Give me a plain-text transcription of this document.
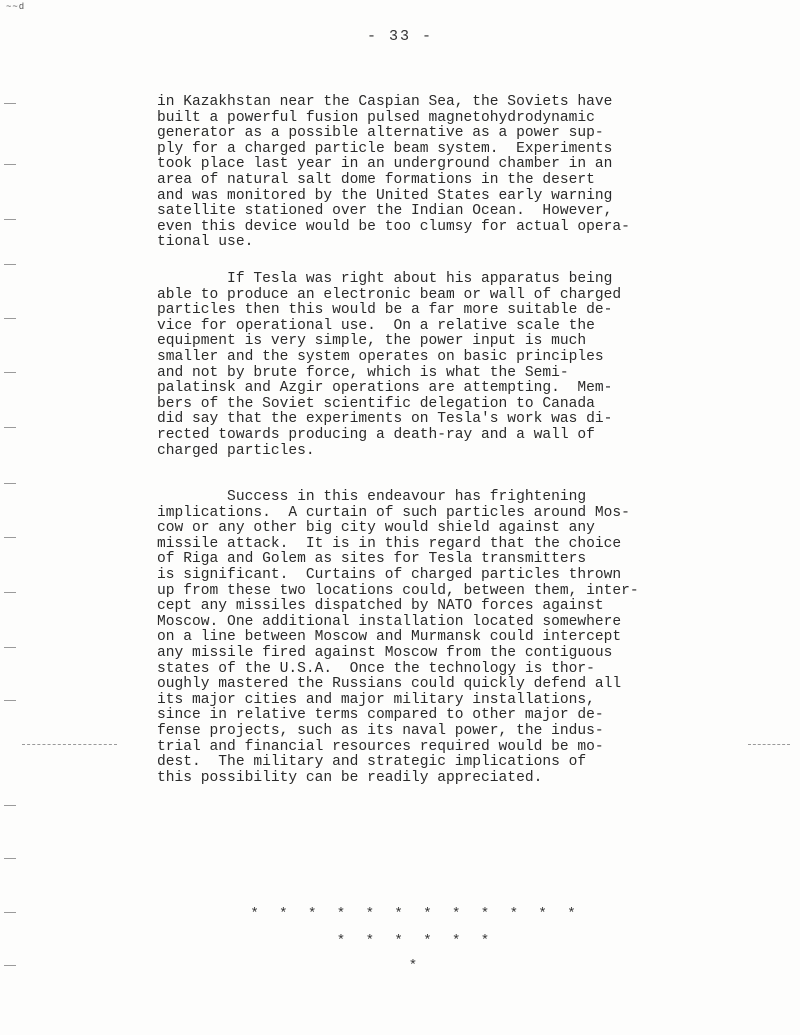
~~d
- 33 -

in Kazakhstan near the Caspian Sea, the Soviets have
built a powerful fusion pulsed magnetohydrodynamic
generator as a possible alternative as a power sup-
ply for a charged particle beam system.  Experiments
took place last year in an underground chamber in an
area of natural salt dome formations in the desert
and was monitored by the United States early warning
satellite stationed over the Indian Ocean.  However,
even this device would be too clumsy for actual opera-
tional use.

If Tesla was right about his apparatus being
able to produce an electronic beam or wall of charged
particles then this would be a far more suitable de-
vice for operational use.  On a relative scale the
equipment is very simple, the power input is much
smaller and the system operates on basic principles
and not by brute force, which is what the Semi-
palatinsk and Azgir operations are attempting.  Mem-
bers of the Soviet scientific delegation to Canada
did say that the experiments on Tesla's work was di-
rected towards producing a death-ray and a wall of
charged particles.

Success in this endeavour has frightening
implications.  A curtain of such particles around Mos-
cow or any other big city would shield against any
missile attack.  It is in this regard that the choice
of Riga and Golem as sites for Tesla transmitters
is significant.  Curtains of charged particles thrown
up from these two locations could, between them, inter-
cept any missiles dispatched by NATO forces against
Moscow. One additional installation located somewhere
on a line between Moscow and Murmansk could intercept
any missile fired against Moscow from the contiguous
states of the U.S.A.  Once the technology is thor-
oughly mastered the Russians could quickly defend all
its major cities and major military installations,
since in relative terms compared to other major de-
fense projects, such as its naval power, the indus-
trial and financial resources required would be mo-
dest.  The military and strategic implications of
this possibility can be readily appreciated.

* * * * * * * * * * * *
* * * * * *
*
